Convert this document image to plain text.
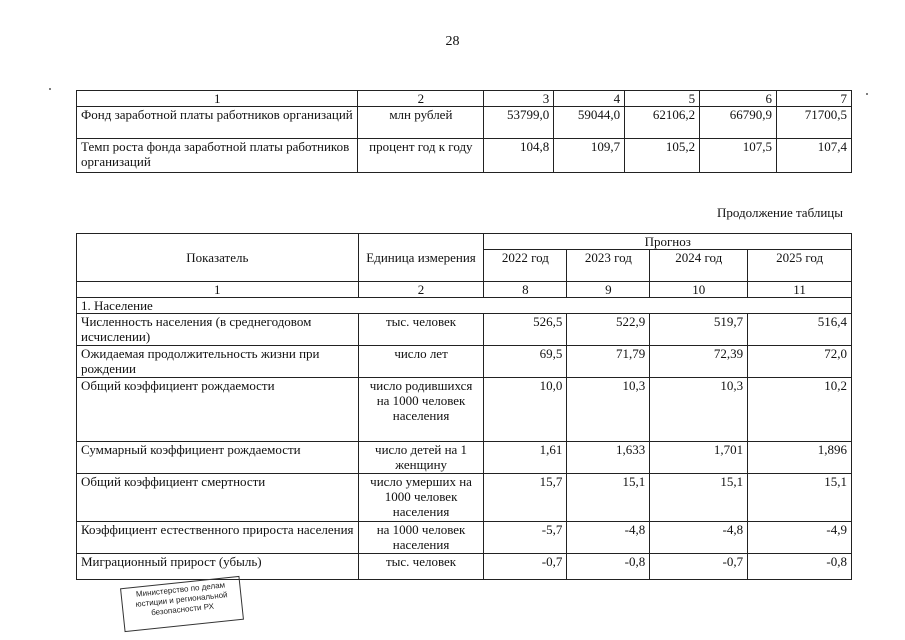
28
1	2	3	4	5	6	7
Фонд заработной платы работников организаций	млн рублей	53799,0	59044,0	62106,2	66790,9	71700,5
Темп роста фонда заработной платы работников организаций	процент год к году	104,8	109,7	105,2	107,5	107,4
Продолжение таблицы
Показатель	Единица измерения	Прогноз			
		2022 год	2023 год	2024 год	2025 год
1	2	8	9	10	11
1. Население					
Численность населения (в среднегодовом исчислении)	тыс. человек	526,5	522,9	519,7	516,4
Ожидаемая продолжительность жизни при рождении	число лет	69,5	71,79	72,39	72,0
Общий коэффициент рождаемости	число родившихся на 1000 человек населения	10,0	10,3	10,3	10,2
Суммарный коэффициент рождаемости	число детей на 1 женщину	1,61	1,633	1,701	1,896
Общий коэффициент смертности	число умерших на 1000 человек населения	15,7	15,1	15,1	15,1
Коэффициент естественного прироста населения	на 1000 человек населения	-5,7	-4,8	-4,8	-4,9
Миграционный прирост (убыль)	тыс. человек	-0,7	-0,8	-0,7	-0,8
Министерство по делам юстиции и региональной безопасности РХ
